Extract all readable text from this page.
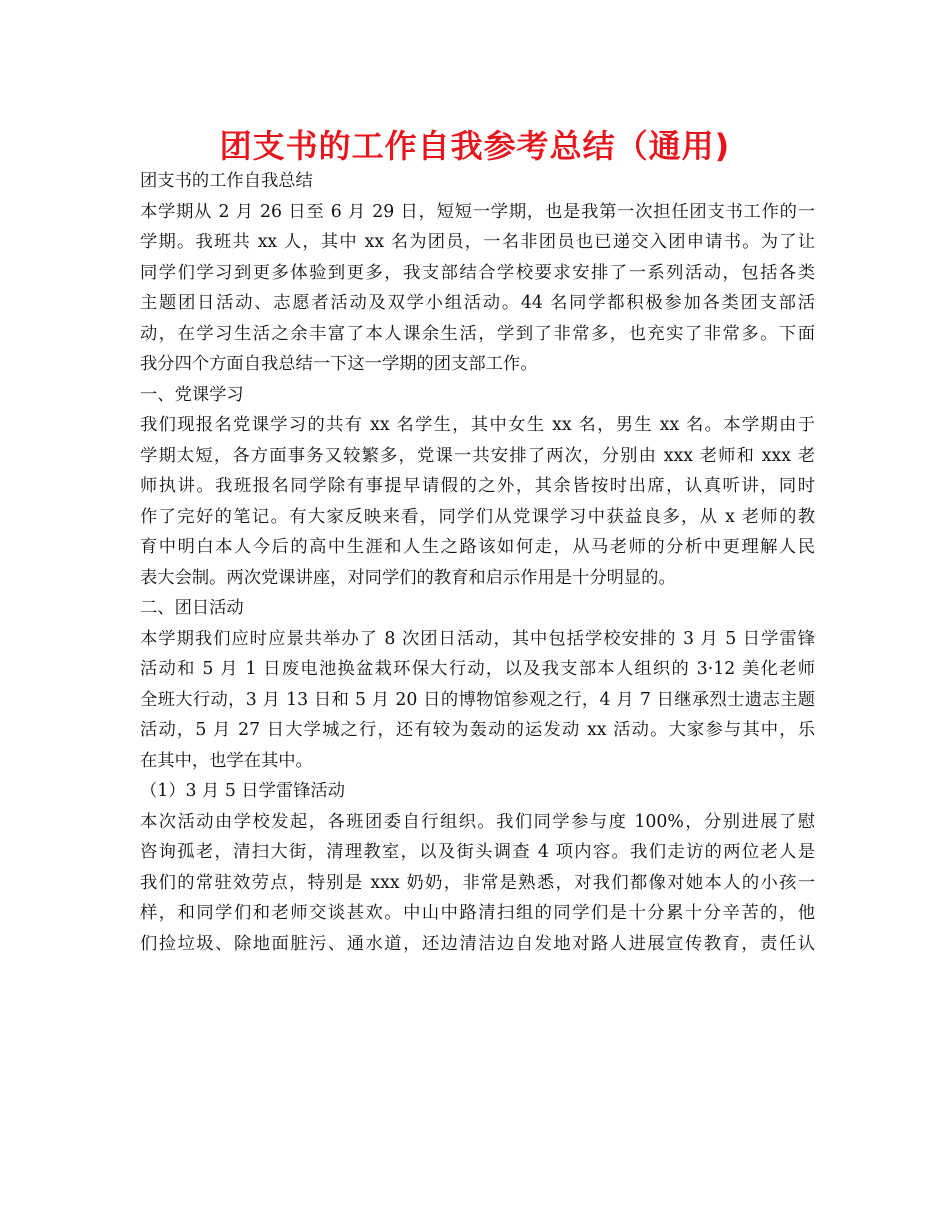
团支书的工作自我参考总结（通用)
团支书的工作自我总结
本学期从 2 月 26 日至 6 月 29 日，短短一学期，也是我第一次担任团支书工作的一
学期。我班共 xx 人，其中 xx 名为团员，一名非团员也已递交入团申请书。为了让
同学们学习到更多体验到更多，我支部结合学校要求安排了一系列活动，包括各类
主题团日活动、志愿者活动及双学小组活动。44 名同学都积极参加各类团支部活
动，在学习生活之余丰富了本人课余生活，学到了非常多，也充实了非常多。下面
我分四个方面自我总结一下这一学期的团支部工作。
一、党课学习
我们现报名党课学习的共有 xx 名学生，其中女生 xx 名，男生 xx 名。本学期由于
学期太短，各方面事务又较繁多，党课一共安排了两次，分别由 xxx 老师和 xxx 老
师执讲。我班报名同学除有事提早请假的之外，其余皆按时出席，认真听讲，同时
作了完好的笔记。有大家反映来看，同学们从党课学习中获益良多，从 x 老师的教
育中明白本人今后的高中生涯和人生之路该如何走，从马老师的分析中更理解人民
表大会制。两次党课讲座，对同学们的教育和启示作用是十分明显的。
二、团日活动
本学期我们应时应景共举办了 8 次团日活动，其中包括学校安排的 3 月 5 日学雷锋
活动和 5 月 1 日废电池换盆栽环保大行动，以及我支部本人组织的 3·12 美化老师
全班大行动，3 月 13 日和 5 月 20 日的博物馆参观之行，4 月 7 日继承烈士遗志主题
活动，5 月 27 日大学城之行，还有较为轰动的运发动 xx 活动。大家参与其中，乐
在其中，也学在其中。
（1）3 月 5 日学雷锋活动
本次活动由学校发起，各班团委自行组织。我们同学参与度 100%，分别进展了慰
咨询孤老，清扫大街，清理教室，以及街头调查 4 项内容。我们走访的两位老人是
我们的常驻效劳点，特别是 xxx 奶奶，非常是熟悉，对我们都像对她本人的小孩一
样，和同学们和老师交谈甚欢。中山中路清扫组的同学们是十分累十分辛苦的，他
们捡垃圾、除地面脏污、通水道，还边清洁边自发地对路人进展宣传教育，责任认
